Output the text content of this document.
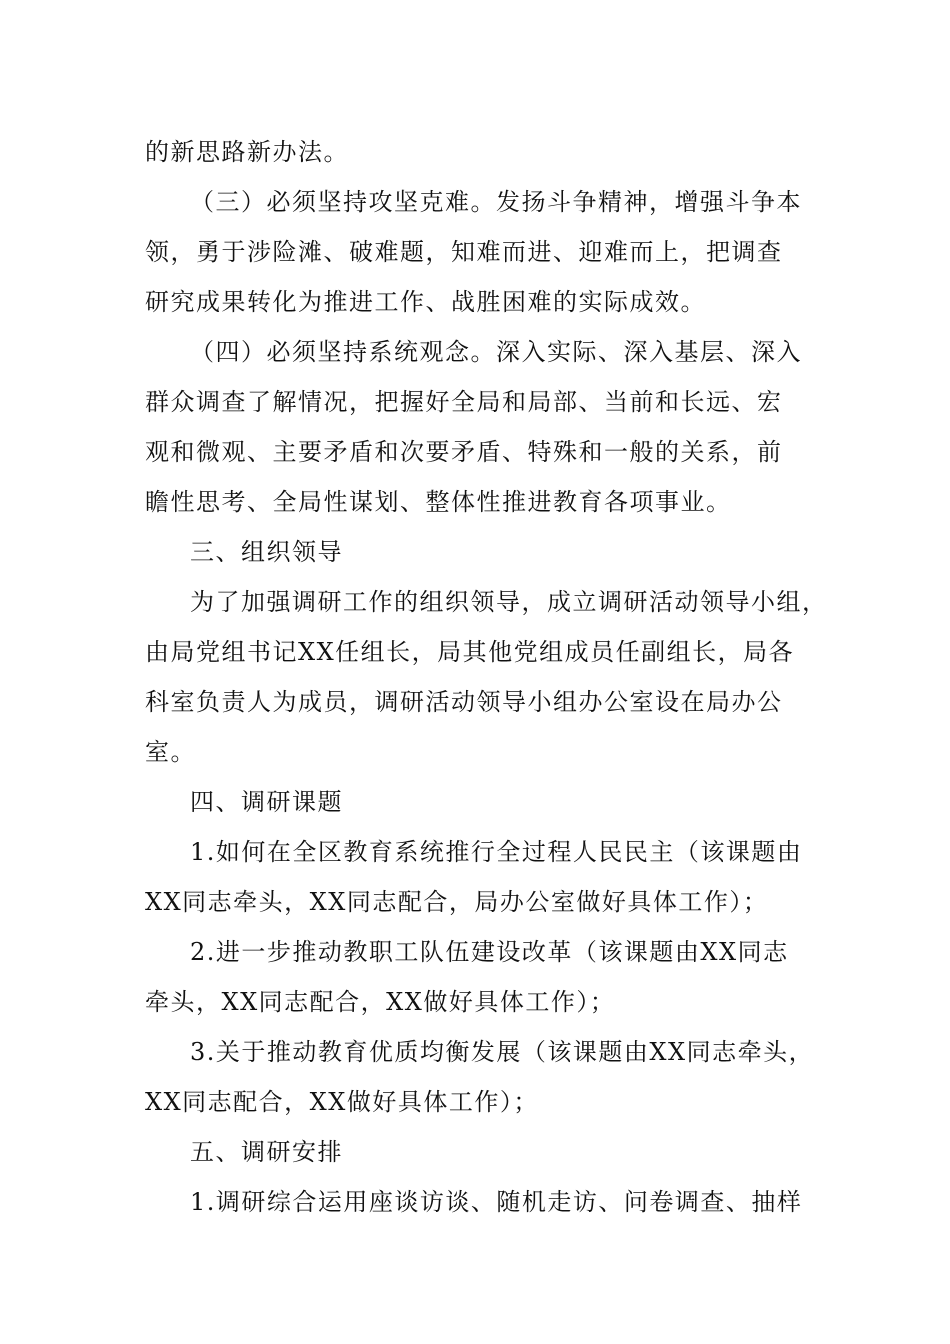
的新思路新办法。
（三）必须坚持攻坚克难。发扬斗争精神，增强斗争本
领，勇于涉险滩、破难题，知难而进、迎难而上，把调查
研究成果转化为推进工作、战胜困难的实际成效。
（四）必须坚持系统观念。深入实际、深入基层、深入
群众调查了解情况，把握好全局和局部、当前和长远、宏
观和微观、主要矛盾和次要矛盾、特殊和一般的关系，前
瞻性思考、全局性谋划、整体性推进教育各项事业。
三、组织领导
为了加强调研工作的组织领导，成立调研活动领导小组，
由局党组书记XX任组长，局其他党组成员任副组长，局各
科室负责人为成员，调研活动领导小组办公室设在局办公
室。
四、调研课题
1.如何在全区教育系统推行全过程人民民主（该课题由
XX同志牵头，XX同志配合，局办公室做好具体工作）；
2.进一步推动教职工队伍建设改革（该课题由XX同志
牵头，XX同志配合，XX做好具体工作）；
3.关于推动教育优质均衡发展（该课题由XX同志牵头，
XX同志配合，XX做好具体工作）；
五、调研安排
1.调研综合运用座谈访谈、随机走访、问卷调查、抽样
